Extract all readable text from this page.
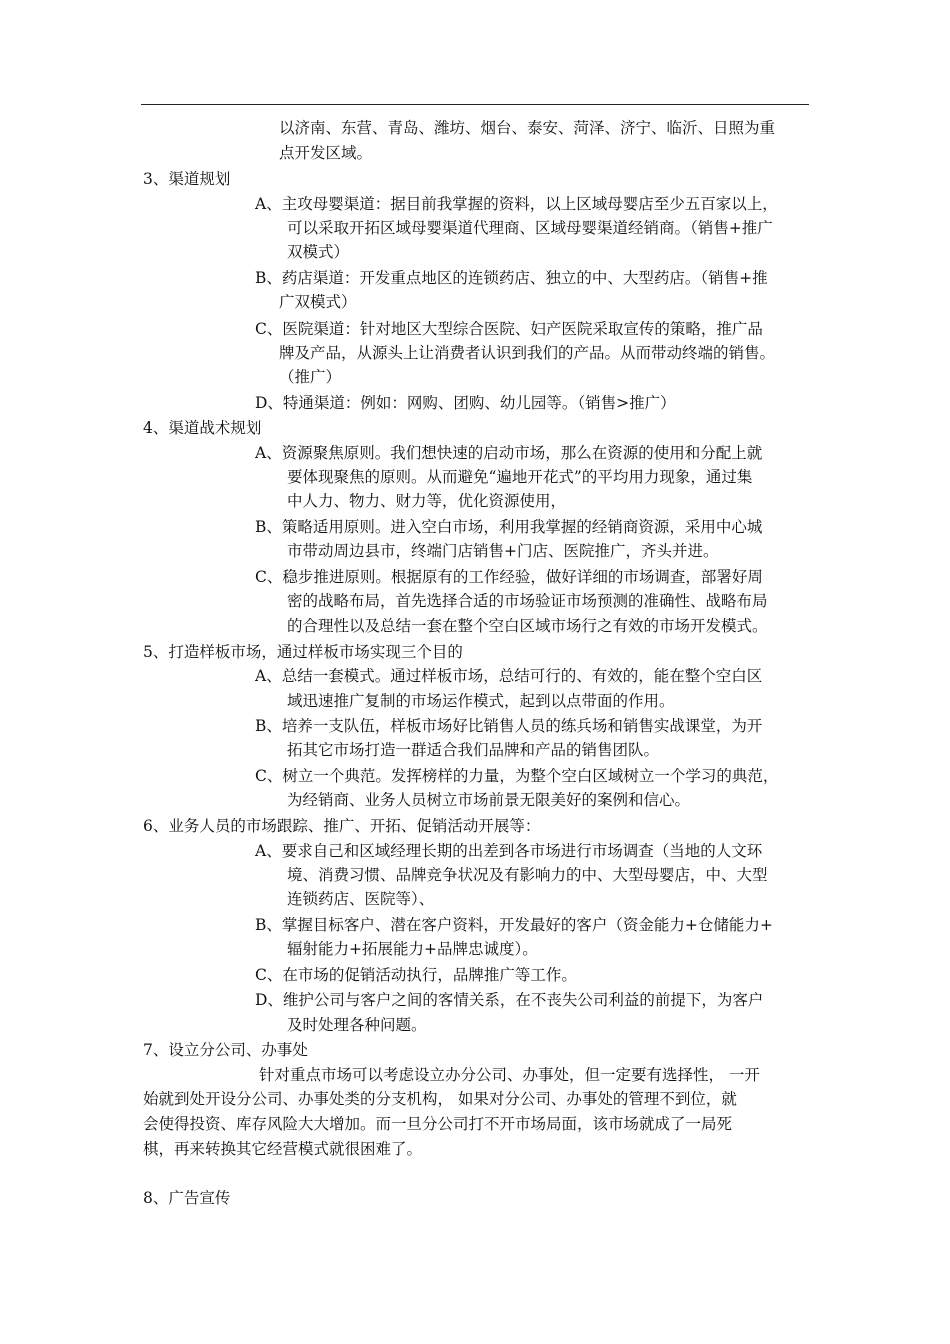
以济南、东营、青岛、潍坊、烟台、泰安、菏泽、济宁、临沂、日照为重
点开发区域。
3、渠道规划
A、主攻母婴渠道：据目前我掌握的资料，以上区域母婴店至少五百家以上，
可以采取开拓区域母婴渠道代理商、区域母婴渠道经销商。（销售+推广
双模式）
B、药店渠道：开发重点地区的连锁药店、独立的中、大型药店。（销售+推
广双模式）
C、医院渠道：针对地区大型综合医院、妇产医院采取宣传的策略，推广品
牌及产品，从源头上让消费者认识到我们的产品。从而带动终端的销售。
（推广）
D、特通渠道：例如：网购、团购、幼儿园等。（销售>推广）
4、渠道战术规划
A、资源聚焦原则。我们想快速的启动市场，那么在资源的使用和分配上就
要体现聚焦的原则。从而避免“遍地开花式”的平均用力现象，通过集
中人力、物力、财力等，优化资源使用，
B、策略适用原则。进入空白市场，利用我掌握的经销商资源，采用中心城
市带动周边县市，终端门店销售+门店、医院推广，齐头并进。
C、稳步推进原则。根据原有的工作经验，做好详细的市场调查，部署好周
密的战略布局，首先选择合适的市场验证市场预测的准确性、战略布局
的合理性以及总结一套在整个空白区域市场行之有效的市场开发模式。
5、打造样板市场，通过样板市场实现三个目的
A、总结一套模式。通过样板市场，总结可行的、有效的，能在整个空白区
域迅速推广复制的市场运作模式，起到以点带面的作用。
B、培养一支队伍，样板市场好比销售人员的练兵场和销售实战课堂，为开
拓其它市场打造一群适合我们品牌和产品的销售团队。
C、树立一个典范。发挥榜样的力量，为整个空白区域树立一个学习的典范，
为经销商、业务人员树立市场前景无限美好的案例和信心。
6、业务人员的市场跟踪、推广、开拓、促销活动开展等：
A、要求自己和区域经理长期的出差到各市场进行市场调查（当地的人文环
境、消费习惯、品牌竞争状况及有影响力的中、大型母婴店，中、大型
连锁药店、医院等）、
B、掌握目标客户、潜在客户资料，开发最好的客户（资金能力+仓储能力+
辐射能力+拓展能力+品牌忠诚度）。
C、在市场的促销活动执行，品牌推广等工作。
D、维护公司与客户之间的客情关系，在不丧失公司利益的前提下，为客户
及时处理各种问题。
7、设立分公司、办事处
针对重点市场可以考虑设立办分公司、办事处，但一定要有选择性， 一开
始就到处开设分公司、办事处类的分支机构， 如果对分公司、办事处的管理不到位，就
会使得投资、库存风险大大增加。而一旦分公司打不开市场局面，该市场就成了一局死
棋，再来转换其它经营模式就很困难了。
8、广告宣传
